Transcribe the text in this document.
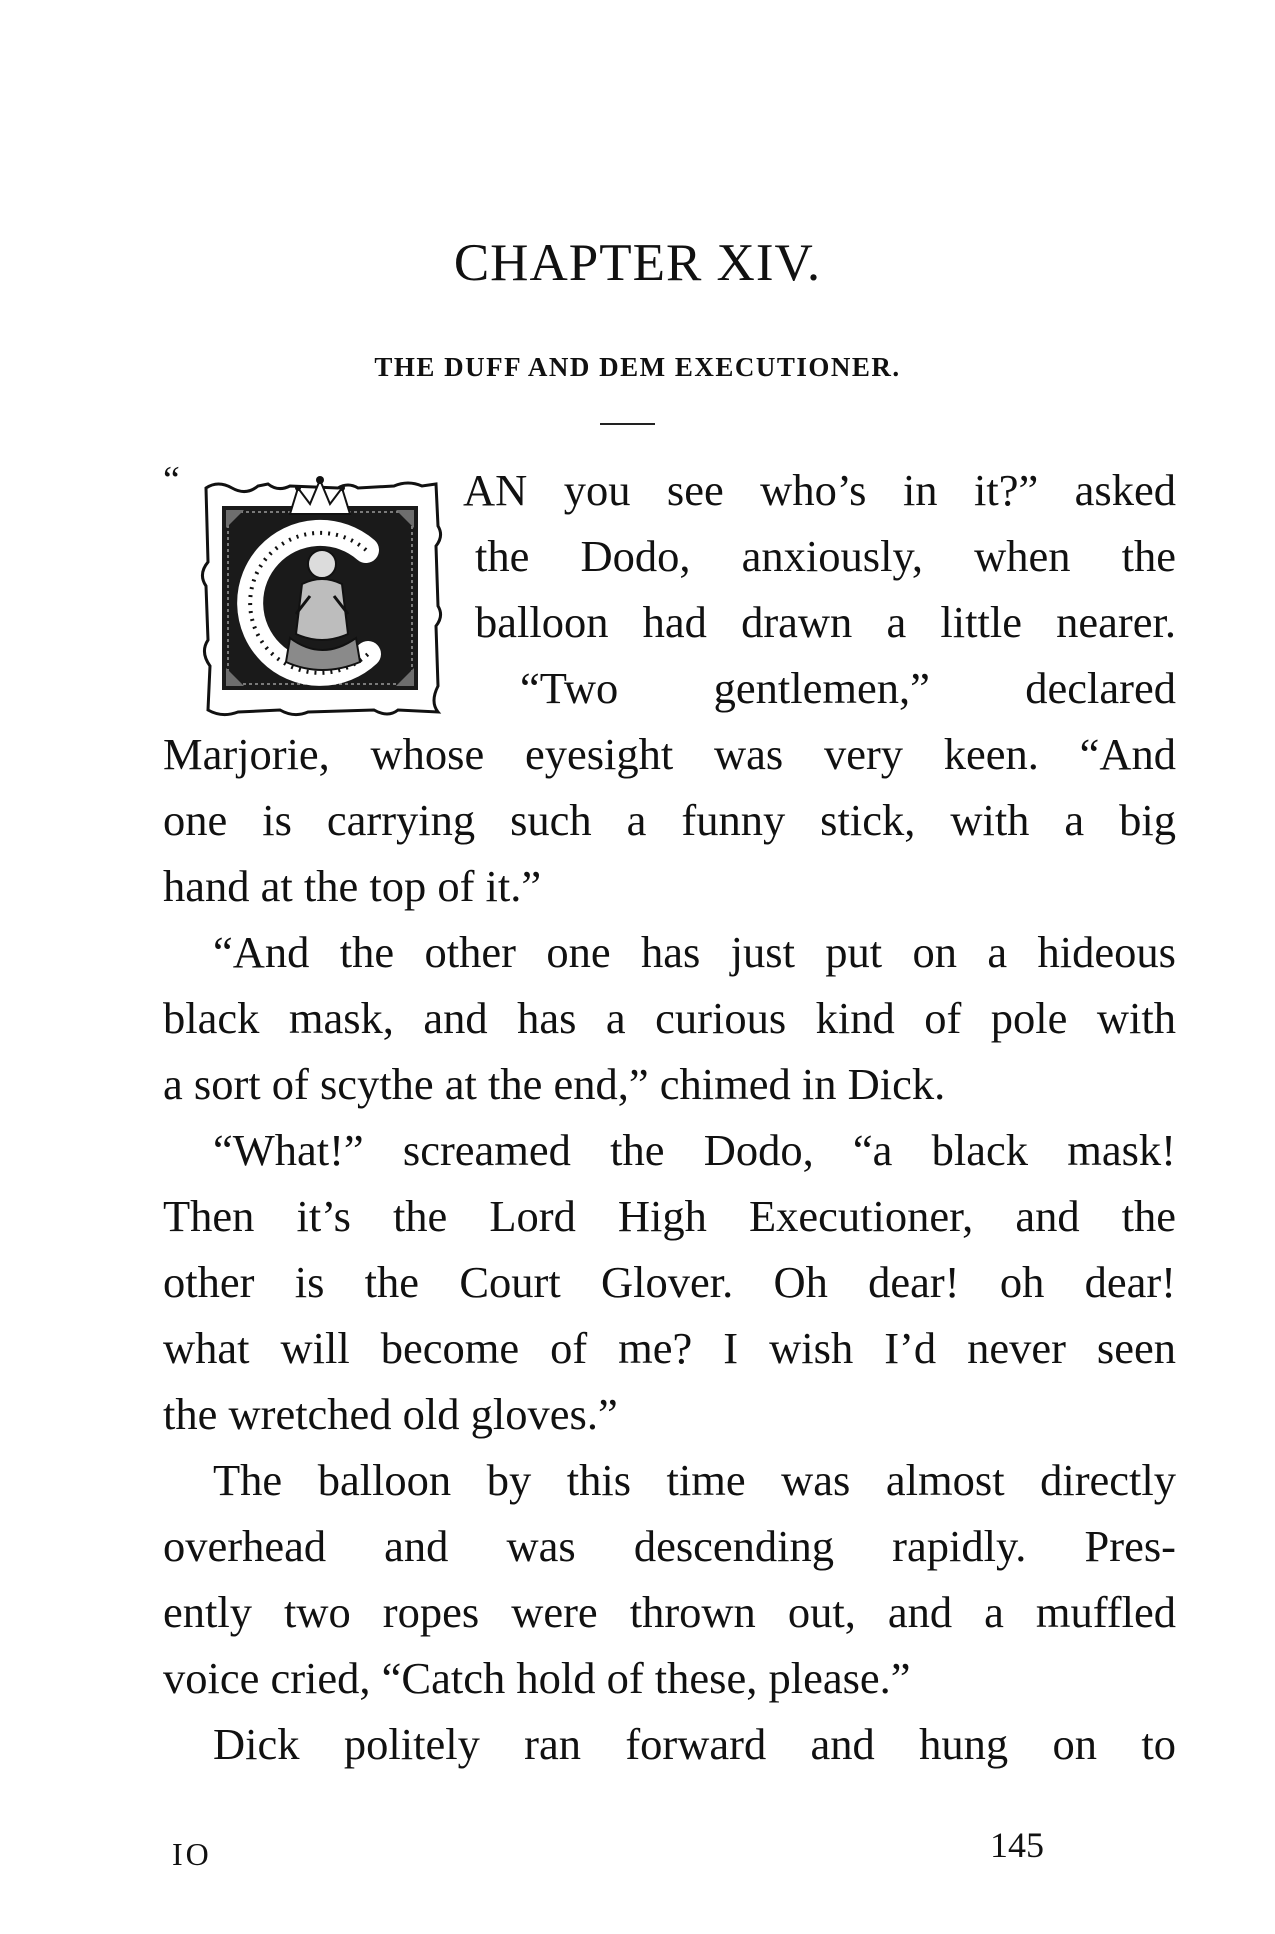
CHAPTER XIV.
THE DUFF AND DEM EXECUTIONER.
“	AN you see who’s in it?” asked
the Dodo, anxiously, when the
balloon had drawn a little nearer.
“Two gentlemen,” declared
Marjorie, whose eyesight was very keen. “And
one is carrying such a funny stick, with a big
hand at the top of it.”
“And the other one has just put on a hideous
black mask, and has a curious kind of pole with
a sort of scythe at the end,” chimed in Dick.
“What!” screamed the Dodo, “a black mask!
Then it’s the Lord High Executioner, and the
other is the Court Glover. Oh dear! oh dear!
what will become of me? I wish I’d never seen
the wretched old gloves.”
The balloon by this time was almost directly
overhead and was descending rapidly. Pres-
ently two ropes were thrown out, and a muffled
voice cried, “Catch hold of these, please.”
Dick politely ran forward and hung on to
IO	145
